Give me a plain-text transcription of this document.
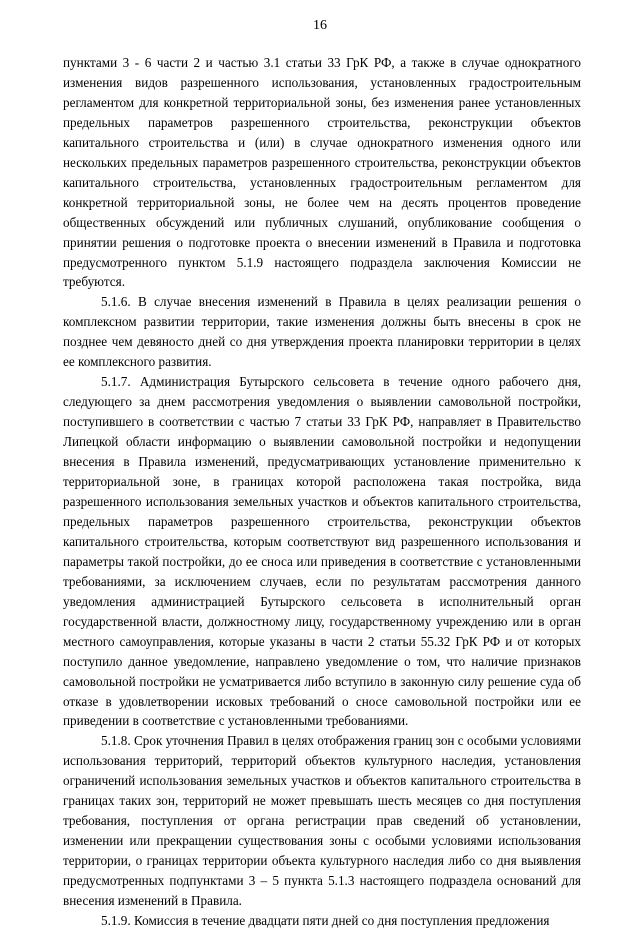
16

пунктами 3 - 6 части 2 и частью 3.1 статьи 33 ГрК РФ, а также в случае однократного изменения видов разрешенного использования, установленных градостроительным регламентом для конкретной территориальной зоны, без изменения ранее установленных предельных параметров разрешенного строительства, реконструкции объектов капитального строительства и (или) в случае однократного изменения одного или нескольких предельных параметров разрешенного строительства, реконструкции объектов капитального строительства, установленных градостроительным регламентом для конкретной территориальной зоны, не более чем на десять процентов проведение общественных обсуждений или публичных слушаний, опубликование сообщения о принятии решения о подготовке проекта о внесении изменений в Правила и подготовка предусмотренного пунктом 5.1.9 настоящего подраздела заключения Комиссии не требуются.

5.1.6. В случае внесения изменений в Правила в целях реализации решения о комплексном развитии территории, такие изменения должны быть внесены в срок не позднее чем девяносто дней со дня утверждения проекта планировки территории в целях ее комплексного развития.

5.1.7. Администрация Бутырского сельсовета в течение одного рабочего дня, следующего за днем рассмотрения уведомления о выявлении самовольной постройки, поступившего в соответствии с частью 7 статьи 33 ГрК РФ, направляет в Правительство Липецкой области информацию о выявлении самовольной постройки и недопущении внесения в Правила изменений, предусматривающих установление применительно к территориальной зоне, в границах которой расположена такая постройка, вида разрешенного использования земельных участков и объектов капитального строительства, предельных параметров разрешенного строительства, реконструкции объектов капитального строительства, которым соответствуют вид разрешенного использования и параметры такой постройки, до ее сноса или приведения в соответствие с установленными требованиями, за исключением случаев, если по результатам рассмотрения данного уведомления администрацией Бутырского сельсовета в исполнительный орган государственной власти, должностному лицу, государственному учреждению или в орган местного самоуправления, которые указаны в части 2 статьи 55.32 ГрК РФ и от которых поступило данное уведомление, направлено уведомление о том, что наличие признаков самовольной постройки не усматривается либо вступило в законную силу решение суда об отказе в удовлетворении исковых требований о сносе самовольной постройки или ее приведении в соответствие с установленными требованиями.

5.1.8. Срок уточнения Правил в целях отображения границ зон с особыми условиями использования территорий, территорий объектов культурного наследия, установления ограничений использования земельных участков и объектов капитального строительства в границах таких зон, территорий не может превышать шесть месяцев со дня поступления требования, поступления от органа регистрации прав сведений об установлении, изменении или прекращении существования зоны с особыми условиями использования территории, о границах территории объекта культурного наследия либо со дня выявления предусмотренных подпунктами 3 – 5 пункта 5.1.3 настоящего подраздела оснований для внесения изменений в Правила.

5.1.9. Комиссия в течение двадцати пяти дней со дня поступления предложения
